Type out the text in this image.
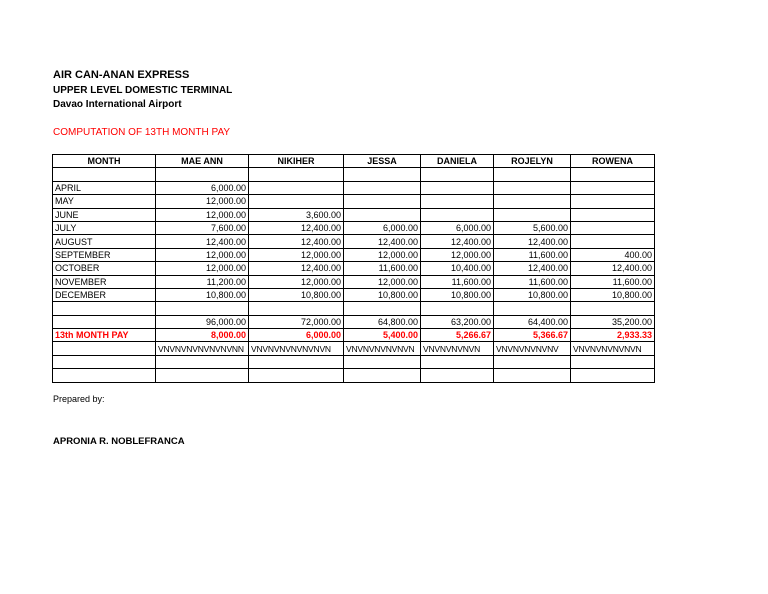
AIR CAN-ANAN EXPRESS
UPPER LEVEL DOMESTIC TERMINAL
Davao International Airport
COMPUTATION OF 13TH MONTH PAY
MONTH	MAE ANN	NIKIHER	JESSA	DANIELA	ROJELYN	ROWENA

APRIL	6,000.00					
MAY	12,000.00					
JUNE	12,000.00	3,600.00				
JULY	7,600.00	12,400.00	6,000.00	6,000.00	5,600.00	
AUGUST	12,400.00	12,400.00	12,400.00	12,400.00	12,400.00	
SEPTEMBER	12,000.00	12,000.00	12,000.00	12,000.00	11,600.00	400.00
OCTOBER	12,000.00	12,400.00	11,600.00	10,400.00	12,400.00	12,400.00
NOVEMBER	11,200.00	12,000.00	12,000.00	11,600.00	11,600.00	11,600.00
DECEMBER	10,800.00	10,800.00	10,800.00	10,800.00	10,800.00	10,800.00

	96,000.00	72,000.00	64,800.00	63,200.00	64,400.00	35,200.00
13th MONTH PAY	8,000.00	6,000.00	5,400.00	5,266.67	5,366.67	2,933.33
	VNVNVNVNVNVNVNN	VNVNVNVNVNVNVN	VNVNVNVNVNVN	VNVNVNVNVN	VNVNVNVNVNV	VNVNVNVNVNVN

Prepared by:
APRONIA R. NOBLEFRANCA
